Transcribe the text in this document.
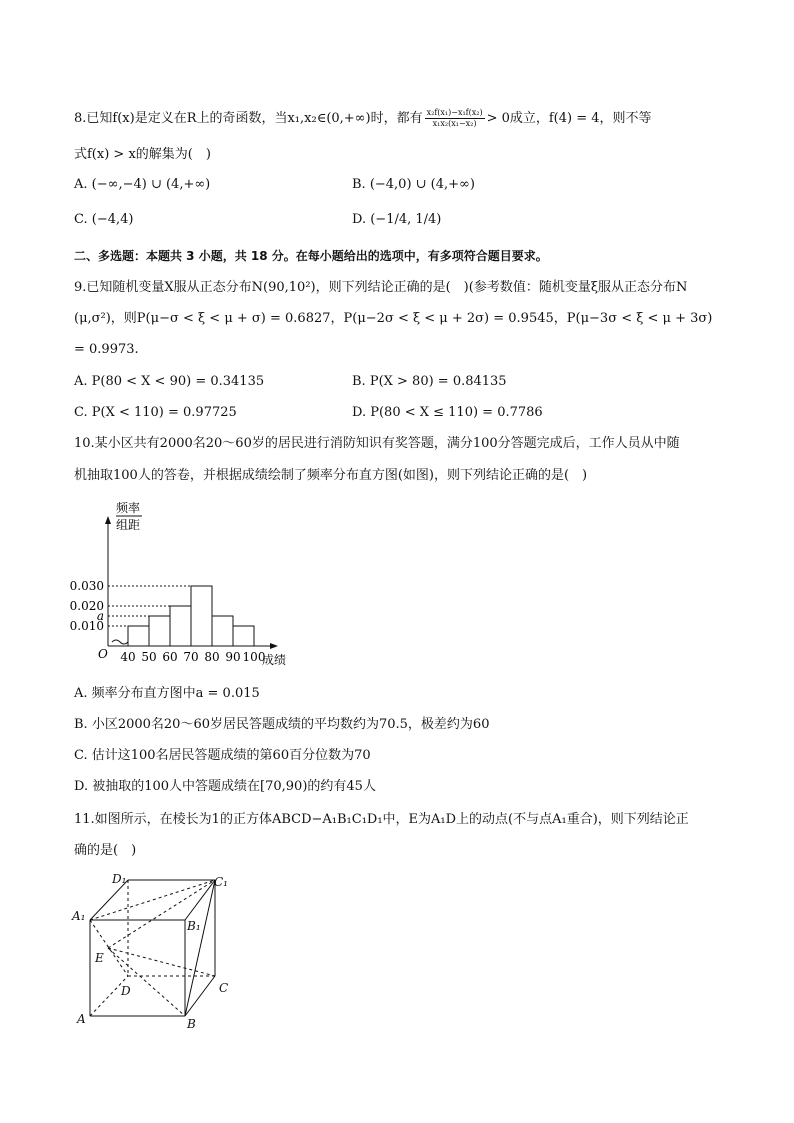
8.已知f(x)是定义在R上的奇函数，当x₁,x₂∈(0,+∞)时，都有 $\frac{\text{x₂f(x₁)−x₁f(x₂)}}{\text{x₁x₂(x₁−x₂)}} > 0$成立，f(4) = 4，则不等
式f(x) > x的解集为(　)
A. (−∞,−4) ∪ (4,+∞)	B. (−4,0) ∪ (4,+∞)
C. (−4,4)	D. (−1/4, 1/4)
二、多选题：本题共 3 小题，共 18 分。在每小题给出的选项中，有多项符合题目要求。
9.已知随机变量X服从正态分布N(90,10²)，则下列结论正确的是(　)(参考数值：随机变量ξ服从正态分布N
(μ,σ²)，则P(μ−σ < ξ < μ + σ) = 0.6827，P(μ−2σ < ξ < μ + 2σ) = 0.9545，P(μ−3σ < ξ < μ + 3σ)
= 0.9973.
A. P(80 < X < 90) = 0.34135	B. P(X > 80) = 0.84135
C. P(X < 110) = 0.97725	D. P(80 < X ≤ 110) = 0.7786
10.某小区共有2000名20～60岁的居民进行消防知识有奖答题，满分100分答题完成后，工作人员从中随
机抽取100人的答卷，并根据成绩绘制了频率分布直方图(如图)，则下列结论正确的是(　)
0.030
0.020
a
0.010
40 50 60 70 80 90 100
O	成绩
频率
组距
A. 频率分布直方图中a = 0.015
B. 小区2000名20～60岁居民答题成绩的平均数约为70.5，极差约为60
C. 估计这100名居民答题成绩的第60百分位数为70
D. 被抽取的100人中答题成绩在[70,90)的约有45人
11.如图所示，在棱长为1的正方体ABCD−A₁B₁C₁D₁中，E为A₁D上的动点(不与点A₁重合)，则下列结论正
确的是(　)
D₁	C₁
A₁
B₁
E
D	C
A	B
